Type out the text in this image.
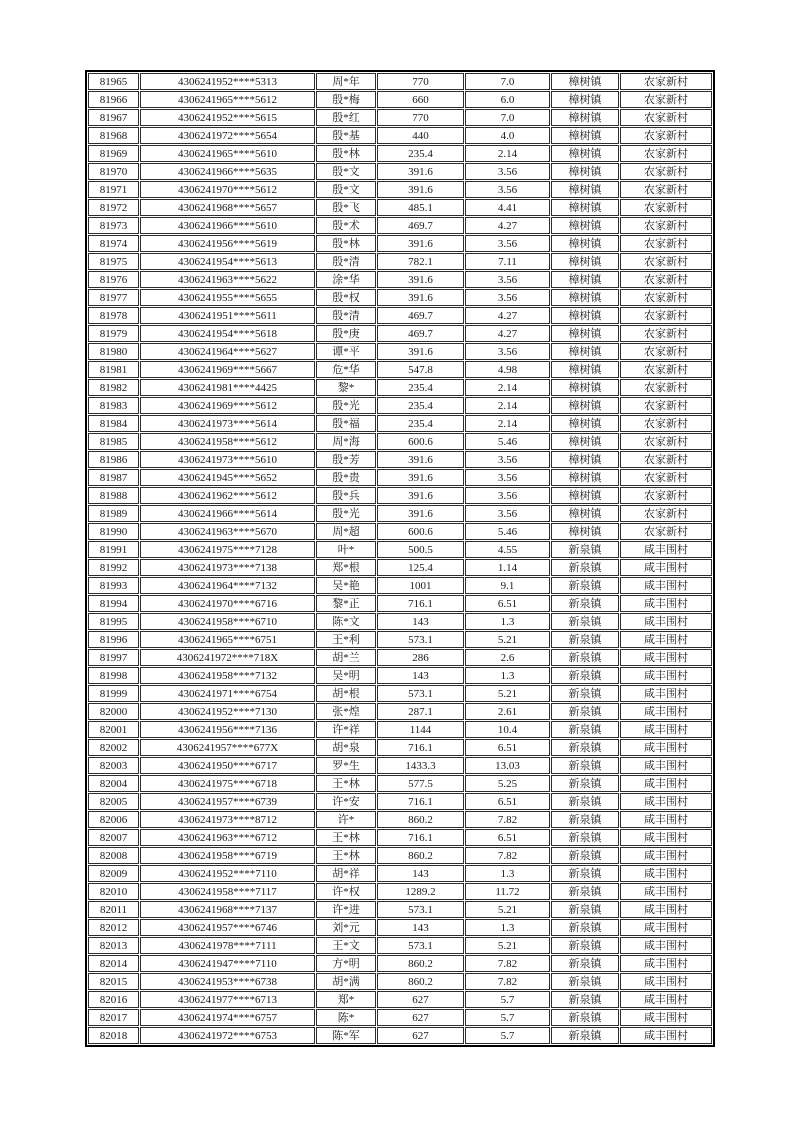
81965	4306241952****5313	周*年	770	7.0	樟树镇	农家新村
81966	4306241965****5612	殷*梅	660	6.0	樟树镇	农家新村
81967	4306241952****5615	殷*红	770	7.0	樟树镇	农家新村
81968	4306241972****5654	殷*基	440	4.0	樟树镇	农家新村
81969	4306241965****5610	殷*林	235.4	2.14	樟树镇	农家新村
81970	4306241966****5635	殷*文	391.6	3.56	樟树镇	农家新村
81971	4306241970****5612	殷*文	391.6	3.56	樟树镇	农家新村
81972	4306241968****5657	殷*飞	485.1	4.41	樟树镇	农家新村
81973	4306241966****5610	殷*术	469.7	4.27	樟树镇	农家新村
81974	4306241956****5619	殷*林	391.6	3.56	樟树镇	农家新村
81975	4306241954****5613	殷*清	782.1	7.11	樟树镇	农家新村
81976	4306241963****5622	涂*华	391.6	3.56	樟树镇	农家新村
81977	4306241955****5655	殷*权	391.6	3.56	樟树镇	农家新村
81978	4306241951****5611	殷*清	469.7	4.27	樟树镇	农家新村
81979	4306241954****5618	殷*庚	469.7	4.27	樟树镇	农家新村
81980	4306241964****5627	谭*平	391.6	3.56	樟树镇	农家新村
81981	4306241969****5667	危*华	547.8	4.98	樟树镇	农家新村
81982	4306241981****4425	黎*	235.4	2.14	樟树镇	农家新村
81983	4306241969****5612	殷*光	235.4	2.14	樟树镇	农家新村
81984	4306241973****5614	殷*福	235.4	2.14	樟树镇	农家新村
81985	4306241958****5612	周*海	600.6	5.46	樟树镇	农家新村
81986	4306241973****5610	殷*芳	391.6	3.56	樟树镇	农家新村
81987	4306241945****5652	殷*贵	391.6	3.56	樟树镇	农家新村
81988	4306241962****5612	殷*兵	391.6	3.56	樟树镇	农家新村
81989	4306241966****5614	殷*光	391.6	3.56	樟树镇	农家新村
81990	4306241963****5670	周*超	600.6	5.46	樟树镇	农家新村
81991	4306241975****7128	叶*	500.5	4.55	新泉镇	咸丰围村
81992	4306241973****7138	郑*根	125.4	1.14	新泉镇	咸丰围村
81993	4306241964****7132	吴*艳	1001	9.1	新泉镇	咸丰围村
81994	4306241970****6716	黎*正	716.1	6.51	新泉镇	咸丰围村
81995	4306241958****6710	陈*文	143	1.3	新泉镇	咸丰围村
81996	4306241965****6751	王*利	573.1	5.21	新泉镇	咸丰围村
81997	4306241972****718X	胡*兰	286	2.6	新泉镇	咸丰围村
81998	4306241958****7132	吴*明	143	1.3	新泉镇	咸丰围村
81999	4306241971****6754	胡*根	573.1	5.21	新泉镇	咸丰围村
82000	4306241952****7130	张*煌	287.1	2.61	新泉镇	咸丰围村
82001	4306241956****7136	许*祥	1144	10.4	新泉镇	咸丰围村
82002	4306241957****677X	胡*泉	716.1	6.51	新泉镇	咸丰围村
82003	4306241950****6717	罗*生	1433.3	13.03	新泉镇	咸丰围村
82004	4306241975****6718	王*林	577.5	5.25	新泉镇	咸丰围村
82005	4306241957****6739	许*安	716.1	6.51	新泉镇	咸丰围村
82006	4306241973****8712	许*	860.2	7.82	新泉镇	咸丰围村
82007	4306241963****6712	王*林	716.1	6.51	新泉镇	咸丰围村
82008	4306241958****6719	王*林	860.2	7.82	新泉镇	咸丰围村
82009	4306241952****7110	胡*祥	143	1.3	新泉镇	咸丰围村
82010	4306241958****7117	许*权	1289.2	11.72	新泉镇	咸丰围村
82011	4306241968****7137	许*进	573.1	5.21	新泉镇	咸丰围村
82012	4306241957****6746	刘*元	143	1.3	新泉镇	咸丰围村
82013	4306241978****7111	王*文	573.1	5.21	新泉镇	咸丰围村
82014	4306241947****7110	方*明	860.2	7.82	新泉镇	咸丰围村
82015	4306241953****6738	胡*满	860.2	7.82	新泉镇	咸丰围村
82016	4306241977****6713	郑*	627	5.7	新泉镇	咸丰围村
82017	4306241974****6757	陈*	627	5.7	新泉镇	咸丰围村
82018	4306241972****6753	陈*军	627	5.7	新泉镇	咸丰围村
